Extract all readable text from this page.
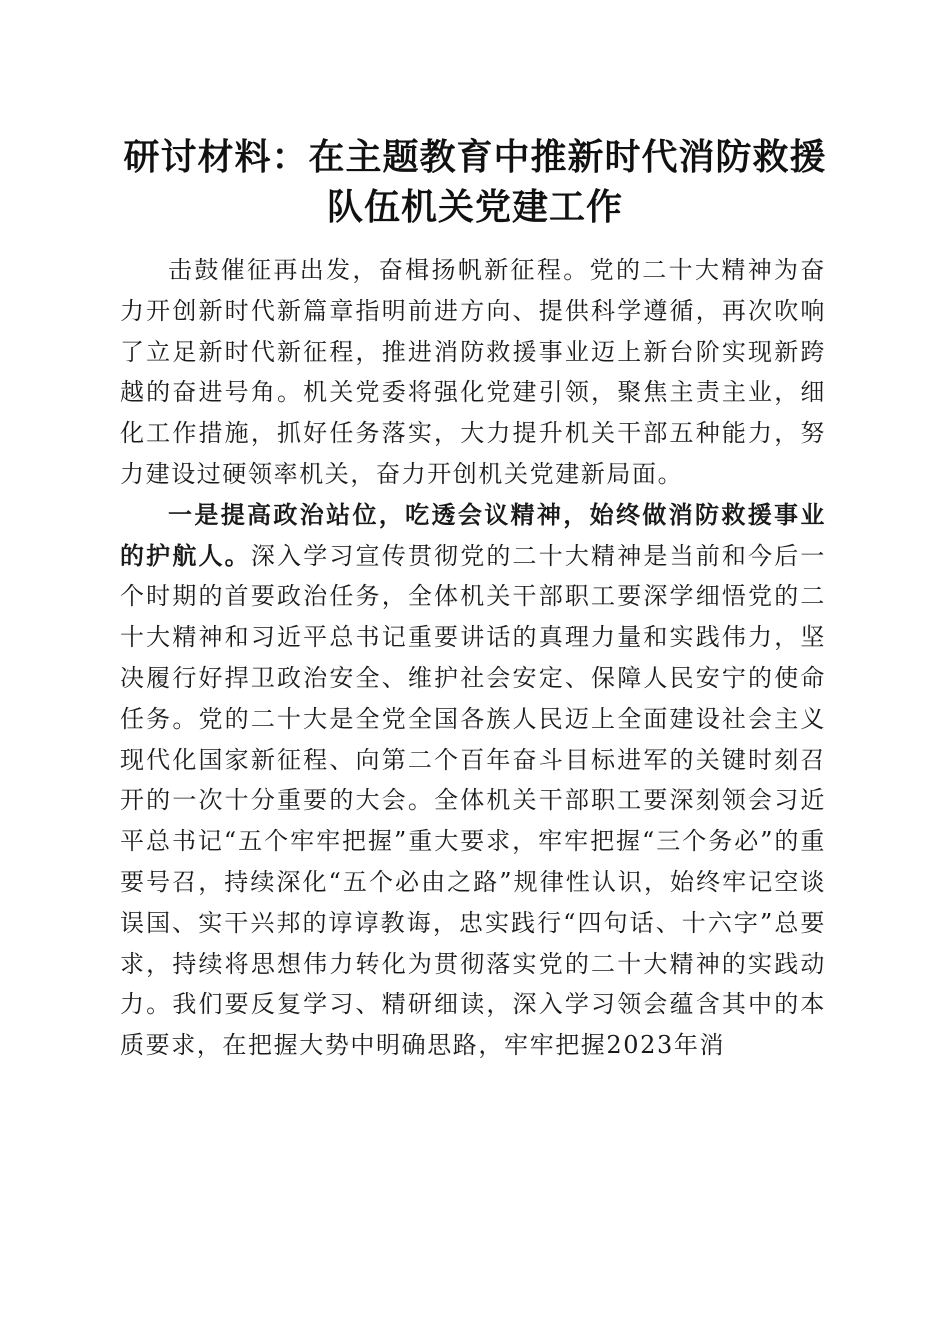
研讨材料：在主题教育中推新时代消防救援队伍机关党建工作

击鼓催征再出发，奋楫扬帆新征程。党的二十大精神为奋力开创新时代新篇章指明前进方向、提供科学遵循，再次吹响了立足新时代新征程，推进消防救援事业迈上新台阶实现新跨越的奋进号角。机关党委将强化党建引领，聚焦主责主业，细化工作措施，抓好任务落实，大力提升机关干部五种能力，努力建设过硬领率机关，奋力开创机关党建新局面。

一是提高政治站位，吃透会议精神，始终做消防救援事业的护航人。深入学习宣传贯彻党的二十大精神是当前和今后一个时期的首要政治任务，全体机关干部职工要深学细悟党的二十大精神和习近平总书记重要讲话的真理力量和实践伟力，坚决履行好捍卫政治安全、维护社会安定、保障人民安宁的使命任务。党的二十大是全党全国各族人民迈上全面建设社会主义现代化国家新征程、向第二个百年奋斗目标进军的关键时刻召开的一次十分重要的大会。全体机关干部职工要深刻领会习近平总书记“五个牢牢把握”重大要求，牢牢把握“三个务必”的重要号召，持续深化“五个必由之路”规律性认识，始终牢记空谈误国、实干兴邦的谆谆教诲，忠实践行“四句话、十六字”总要求，持续将思想伟力转化为贯彻落实党的二十大精神的实践动力。我们要反复学习、精研细读，深入学习领会蕴含其中的本质要求，在把握大势中明确思路，牢牢把握2023年消
